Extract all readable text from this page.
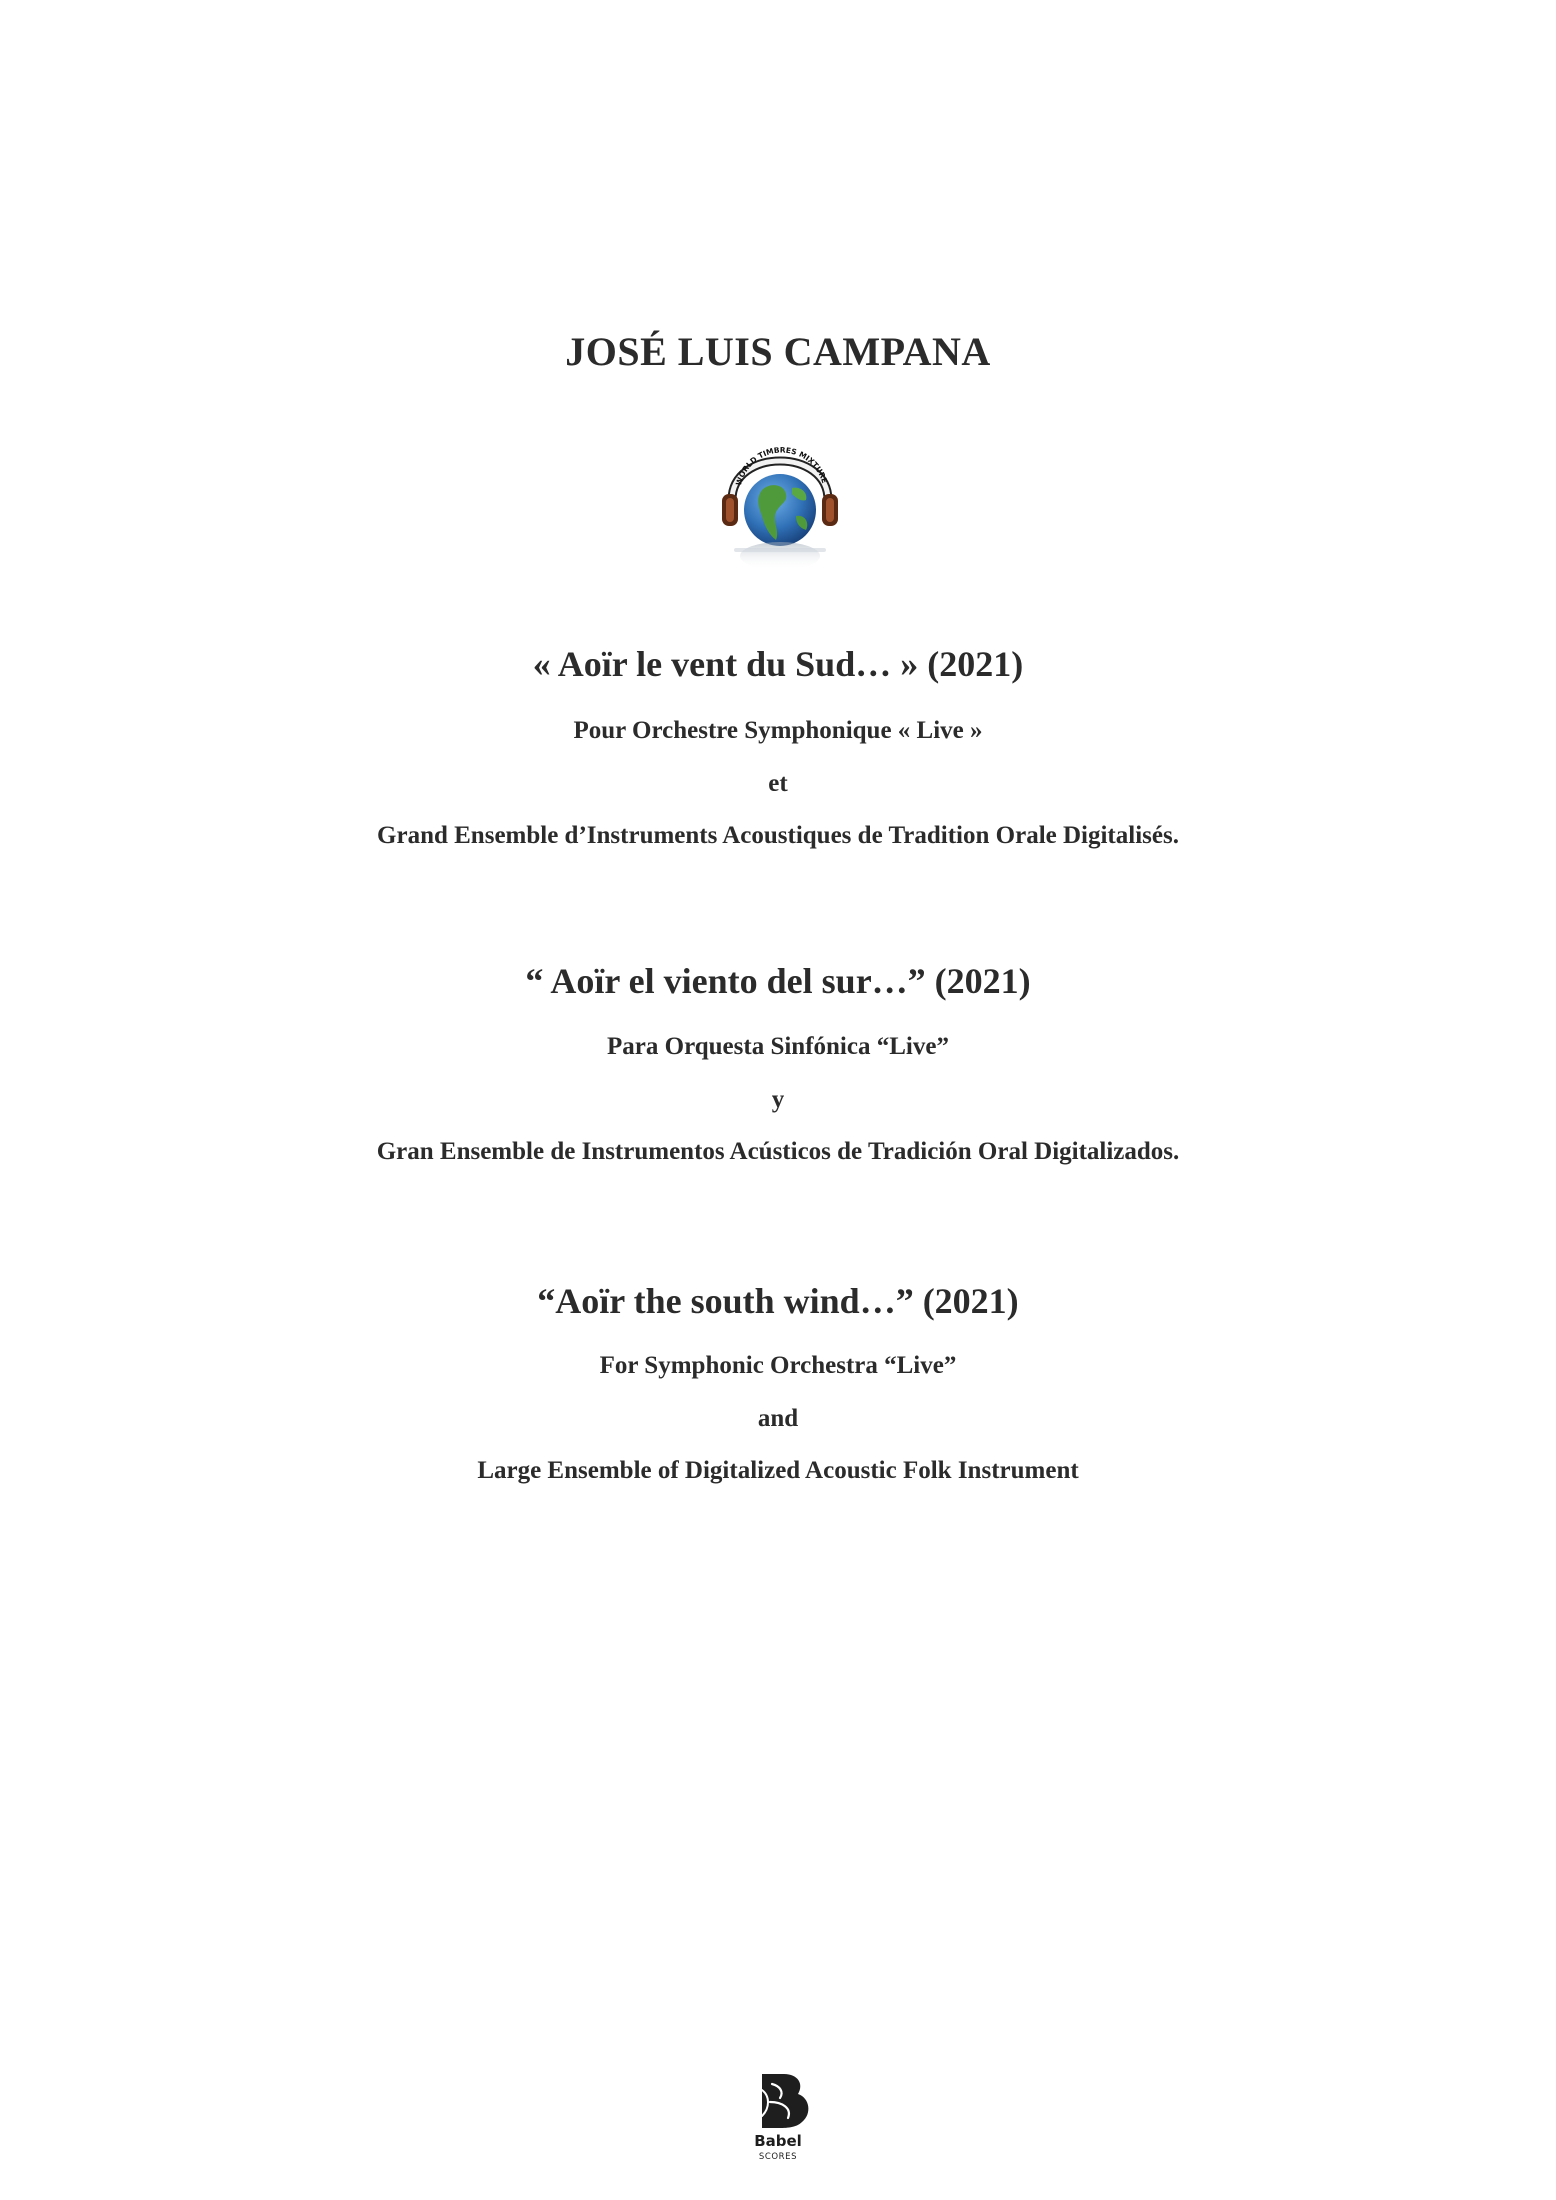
JOSÉ LUIS CAMPANA
WORLD TIMBRES MIXTURE
« Aoïr le vent du Sud… » (2021)
Pour Orchestre Symphonique « Live »
et
Grand Ensemble d’Instruments Acoustiques de Tradition Orale Digitalisés.
“ Aoïr el viento del sur…” (2021)
Para Orquesta Sinfónica “Live”
y
Gran Ensemble de Instrumentos Acústicos de Tradición Oral Digitalizados.
“Aoïr the south wind…” (2021)
For Symphonic Orchestra “Live”
and
Large Ensemble of Digitalized Acoustic Folk Instrument
Babel
SCORES
